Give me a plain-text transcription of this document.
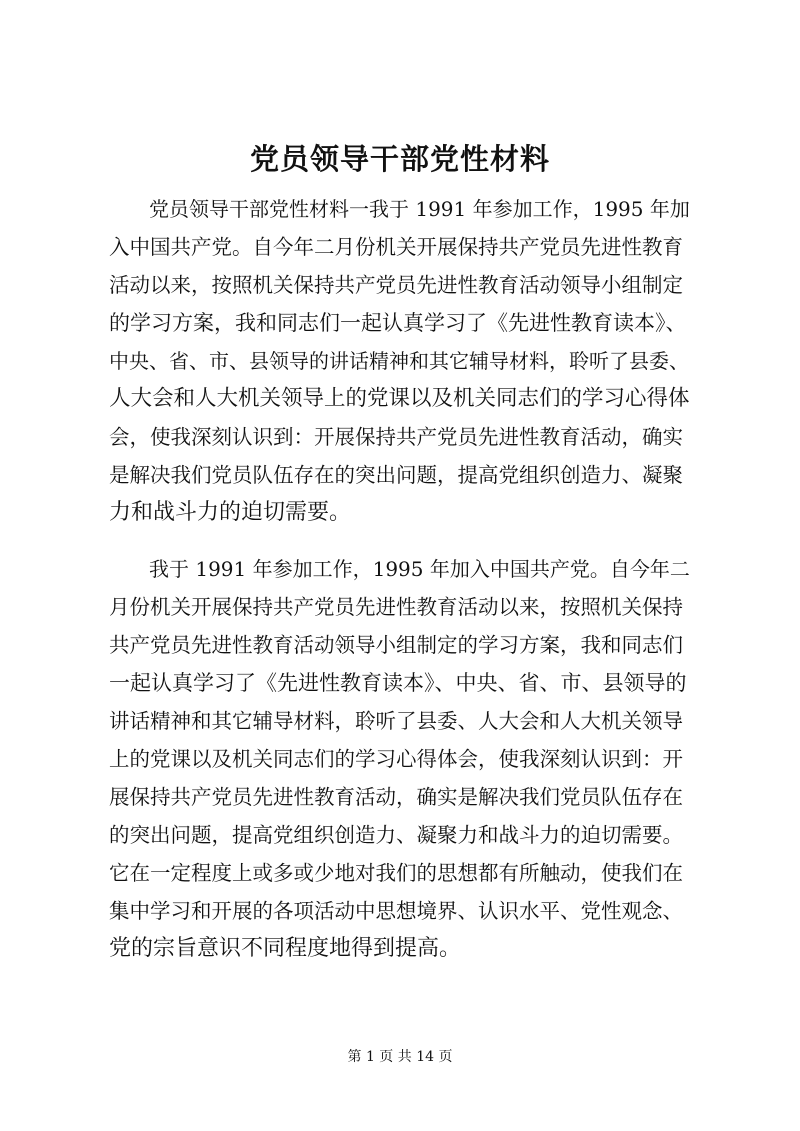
党员领导干部党性材料
　　党员领导干部党性材料一我于 1991 年参加工作，1995 年加
入中国共产党。自今年二月份机关开展保持共产党员先进性教育
活动以来，按照机关保持共产党员先进性教育活动领导小组制定
的学习方案，我和同志们一起认真学习了《先进性教育读本》、
中央、省、市、县领导的讲话精神和其它辅导材料，聆听了县委、
人大会和人大机关领导上的党课以及机关同志们的学习心得体
会，使我深刻认识到：开展保持共产党员先进性教育活动，确实
是解决我们党员队伍存在的突出问题，提高党组织创造力、凝聚
力和战斗力的迫切需要。
　　我于 1991 年参加工作，1995 年加入中国共产党。自今年二
月份机关开展保持共产党员先进性教育活动以来，按照机关保持
共产党员先进性教育活动领导小组制定的学习方案，我和同志们
一起认真学习了《先进性教育读本》、中央、省、市、县领导的
讲话精神和其它辅导材料，聆听了县委、人大会和人大机关领导
上的党课以及机关同志们的学习心得体会，使我深刻认识到：开
展保持共产党员先进性教育活动，确实是解决我们党员队伍存在
的突出问题，提高党组织创造力、凝聚力和战斗力的迫切需要。
它在一定程度上或多或少地对我们的思想都有所触动，使我们在
集中学习和开展的各项活动中思想境界、认识水平、党性观念、
党的宗旨意识不同程度地得到提高。
第 1 页 共 14 页
